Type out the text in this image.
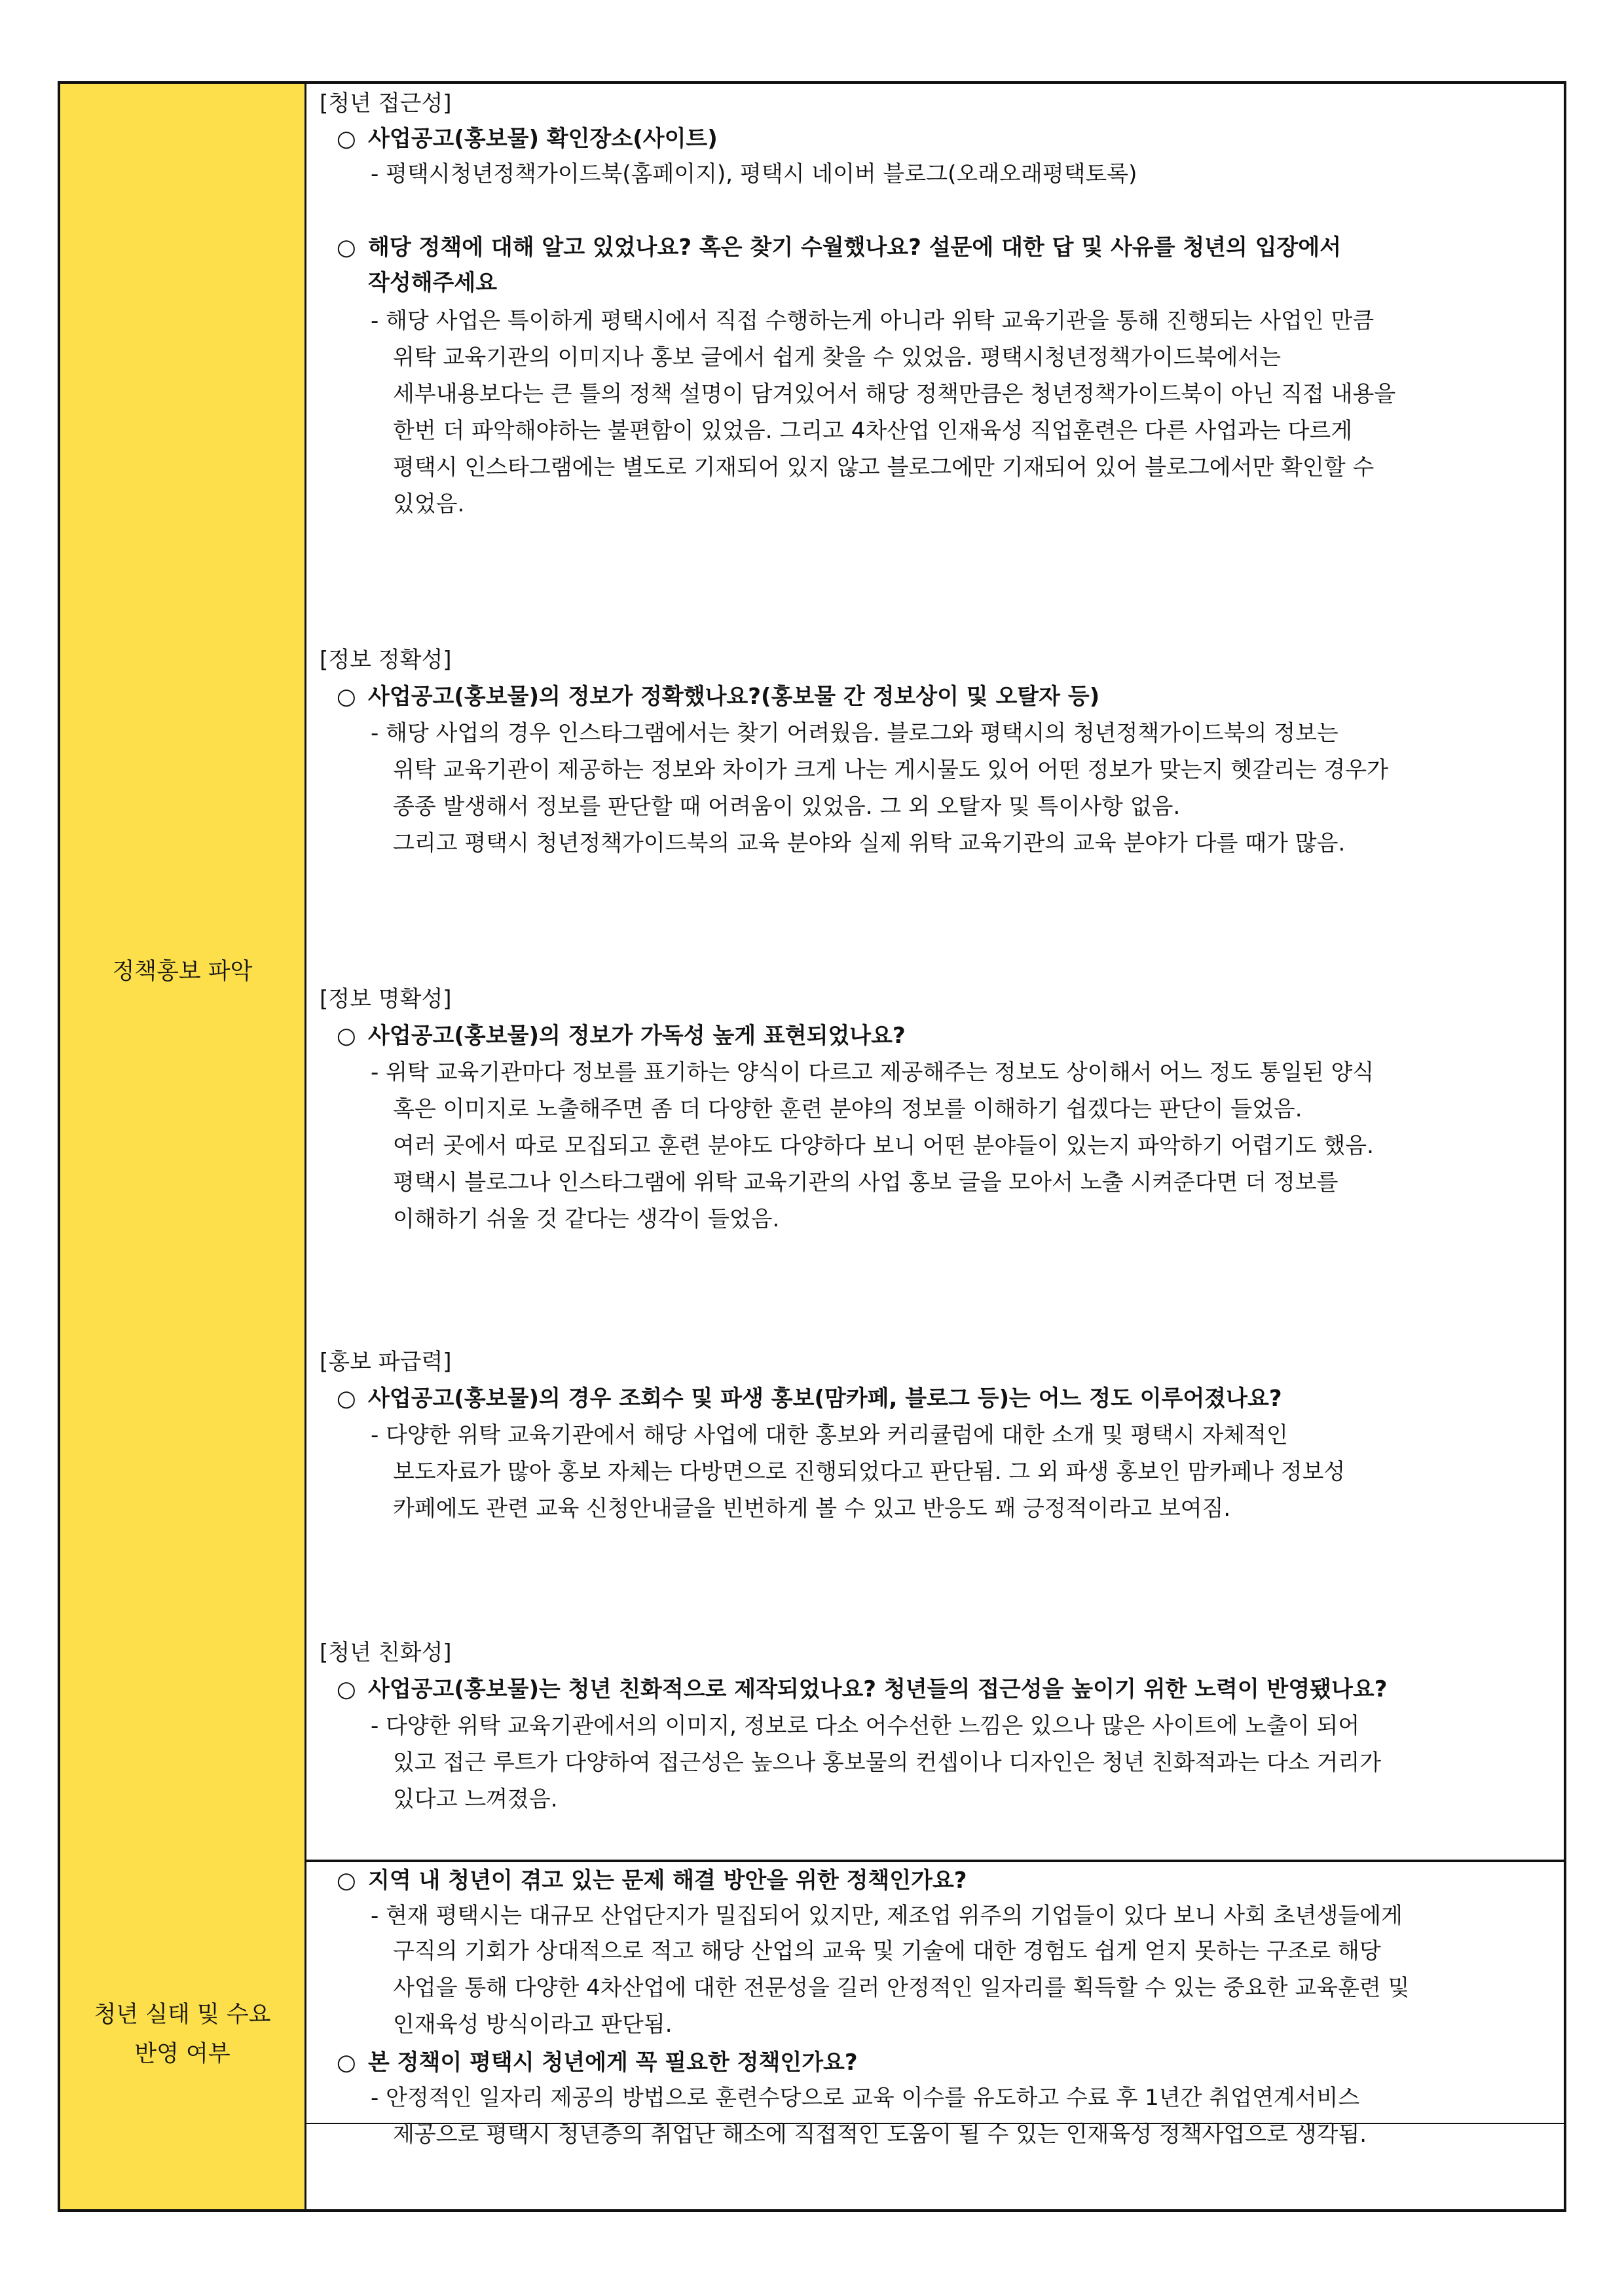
정책홍보 파악
[청년 접근성]
○ 사업공고(홍보물) 확인장소(사이트)
- 평택시청년정책가이드북(홈페이지), 평택시 네이버 블로그(오래오래평택토록)
○ 해당 정책에 대해 알고 있었나요? 혹은 찾기 수월했나요? 설문에 대한 답 및 사유를 청년의 입장에서
작성해주세요
- 해당 사업은 특이하게 평택시에서 직접 수행하는게 아니라 위탁 교육기관을 통해 진행되는 사업인 만큼
위탁 교육기관의 이미지나 홍보 글에서 쉽게 찾을 수 있었음. 평택시청년정책가이드북에서는
세부내용보다는 큰 틀의 정책 설명이 담겨있어서 해당 정책만큼은 청년정책가이드북이 아닌 직접 내용을
한번 더 파악해야하는 불편함이 있었음. 그리고 4차산업 인재육성 직업훈련은 다른 사업과는 다르게
평택시 인스타그램에는 별도로 기재되어 있지 않고 블로그에만 기재되어 있어 블로그에서만 확인할 수
있었음.
[정보 정확성]
○ 사업공고(홍보물)의 정보가 정확했나요?(홍보물 간 정보상이 및 오탈자 등)
- 해당 사업의 경우 인스타그램에서는 찾기 어려웠음. 블로그와 평택시의 청년정책가이드북의 정보는
위탁 교육기관이 제공하는 정보와 차이가 크게 나는 게시물도 있어 어떤 정보가 맞는지 헷갈리는 경우가
종종 발생해서 정보를 판단할 때 어려움이 있었음. 그 외 오탈자 및 특이사항 없음.
그리고 평택시 청년정책가이드북의 교육 분야와 실제 위탁 교육기관의 교육 분야가 다를 때가 많음.
[정보 명확성]
○ 사업공고(홍보물)의 정보가 가독성 높게 표현되었나요?
- 위탁 교육기관마다 정보를 표기하는 양식이 다르고 제공해주는 정보도 상이해서 어느 정도 통일된 양식
혹은 이미지로 노출해주면 좀 더 다양한 훈련 분야의 정보를 이해하기 쉽겠다는 판단이 들었음.
여러 곳에서 따로 모집되고 훈련 분야도 다양하다 보니 어떤 분야들이 있는지 파악하기 어렵기도 했음.
평택시 블로그나 인스타그램에 위탁 교육기관의 사업 홍보 글을 모아서 노출 시켜준다면 더 정보를
이해하기 쉬울 것 같다는 생각이 들었음.
[홍보 파급력]
○ 사업공고(홍보물)의 경우 조회수 및 파생 홍보(맘카페, 블로그 등)는 어느 정도 이루어졌나요?
- 다양한 위탁 교육기관에서 해당 사업에 대한 홍보와 커리큘럼에 대한 소개 및 평택시 자체적인
보도자료가 많아 홍보 자체는 다방면으로 진행되었다고 판단됨. 그 외 파생 홍보인 맘카페나 정보성
카페에도 관련 교육 신청안내글을 빈번하게 볼 수 있고 반응도 꽤 긍정적이라고 보여짐.
[청년 친화성]
○ 사업공고(홍보물)는 청년 친화적으로 제작되었나요? 청년들의 접근성을 높이기 위한 노력이 반영됐나요?
- 다양한 위탁 교육기관에서의 이미지, 정보로 다소 어수선한 느낌은 있으나 많은 사이트에 노출이 되어
있고 접근 루트가 다양하여 접근성은 높으나 홍보물의 컨셉이나 디자인은 청년 친화적과는 다소 거리가
있다고 느껴졌음.
청년 실태 및 수요
반영 여부
○ 지역 내 청년이 겪고 있는 문제 해결 방안을 위한 정책인가요?
- 현재 평택시는 대규모 산업단지가 밀집되어 있지만, 제조업 위주의 기업들이 있다 보니 사회 초년생들에게
구직의 기회가 상대적으로 적고 해당 산업의 교육 및 기술에 대한 경험도 쉽게 얻지 못하는 구조로 해당
사업을 통해 다양한 4차산업에 대한 전문성을 길러 안정적인 일자리를 획득할 수 있는 중요한 교육훈련 및
인재육성 방식이라고 판단됨.
○ 본 정책이 평택시 청년에게 꼭 필요한 정책인가요?
- 안정적인 일자리 제공의 방법으로 훈련수당으로 교육 이수를 유도하고 수료 후 1년간 취업연계서비스
제공으로 평택시 청년층의 취업난 해소에 직접적인 도움이 될 수 있는 인재육성 정책사업으로 생각됨.
